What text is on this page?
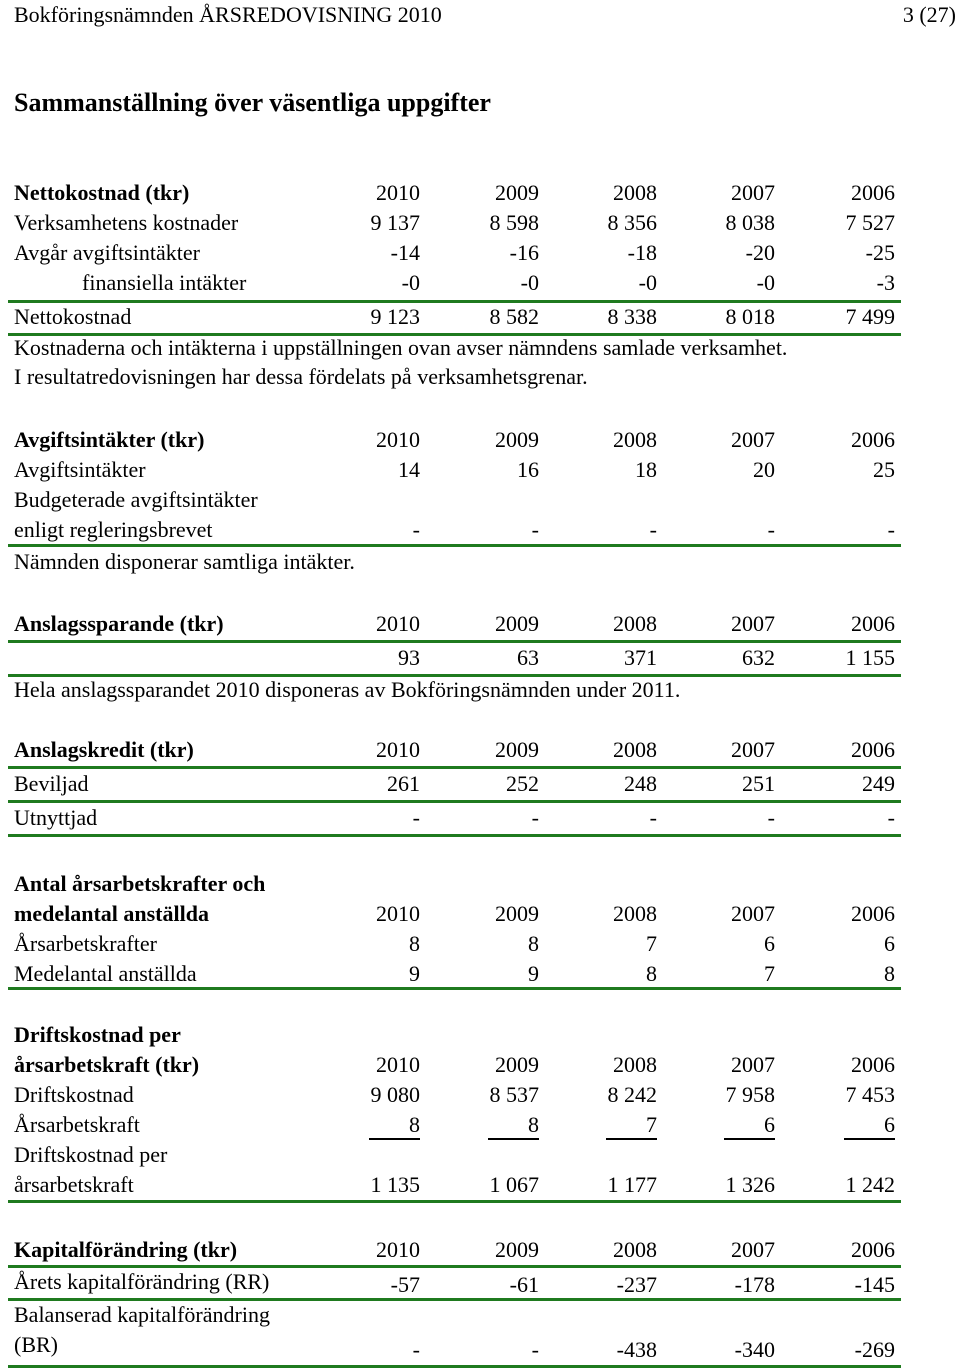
Bokföringsnämnden ÅRSREDOVISNING 2010	3 (27)
Sammanställning över väsentliga uppgifter
Nettokostnad (tkr)	2010	2009	2008	2007	2006
Verksamhetens kostnader	9 137	8 598	8 356	8 038	7 527
Avgår avgiftsintäkter	-14	-16	-18	-20	-25
finansiella intäkter	-0	-0	-0	-0	-3
Nettokostnad	9 123	8 582	8 338	8 018	7 499
Kostnaderna och intäkterna i uppställningen ovan avser nämndens samlade verksamhet.
I resultatredovisningen har dessa fördelats på verksamhetsgrenar.
Avgiftsintäkter (tkr)	2010	2009	2008	2007	2006
Avgiftsintäkter	14	16	18	20	25
Budgeterade avgiftsintäkter
enligt regleringsbrevet	-	-	-	-	-
Nämnden disponerar samtliga intäkter.
Anslagssparande (tkr)	2010	2009	2008	2007	2006
93	63	371	632	1 155
Hela anslagssparandet 2010 disponeras av Bokföringsnämnden under 2011.
Anslagskredit (tkr)	2010	2009	2008	2007	2006
Beviljad	261	252	248	251	249
Utnyttjad	-	-	-	-	-
Antal årsarbetskrafter och
medelantal anställda	2010	2009	2008	2007	2006
Årsarbetskrafter	8	8	7	6	6
Medelantal anställda	9	9	8	7	8
Driftskostnad per
årsarbetskraft (tkr)	2010	2009	2008	2007	2006
Driftskostnad	9 080	8 537	8 242	7 958	7 453
Årsarbetskraft	8	8	7	6	6
Driftskostnad per
årsarbetskraft	1 135	1 067	1 177	1 326	1 242
Kapitalförändring (tkr)	2010	2009	2008	2007	2006
Årets kapitalförändring (RR)	-57	-61	-237	-178	-145
Balanserad kapitalförändring
(BR)	-	-	-438	-340	-269
